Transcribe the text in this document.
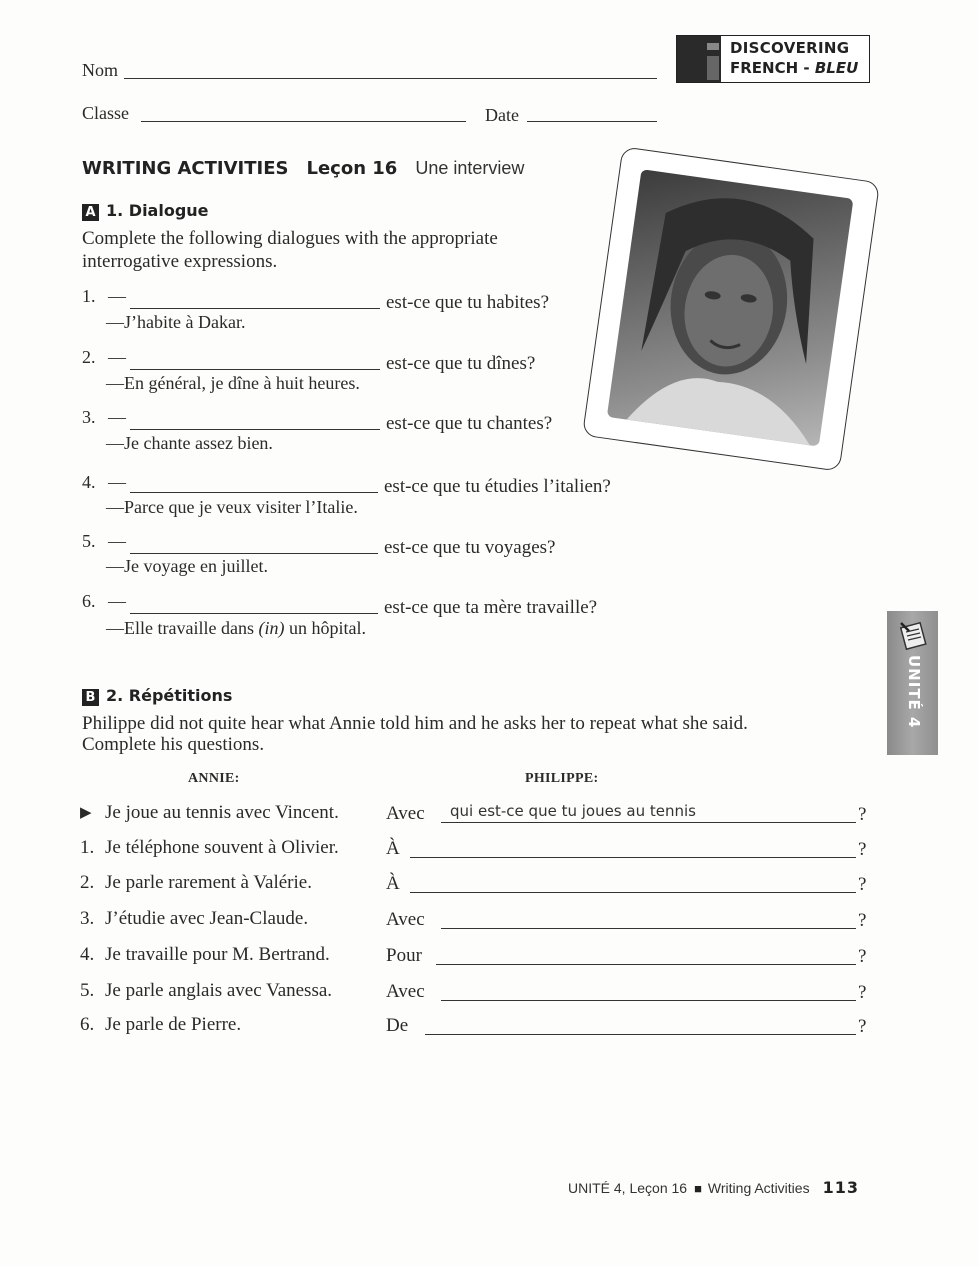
Nom
Classe	Date
DISCOVERING
FRENCH - BLEU
WRITING ACTIVITIES Leçon 16 Une interview
A 1. Dialogue
Complete the following dialogues with the appropriate interrogative expressions.
1. —	est-ce que tu habites?
—J’habite à Dakar.
2. —	est-ce que tu dînes?
—En général, je dîne à huit heures.
3. —	est-ce que tu chantes?
—Je chante assez bien.
4. —	est-ce que tu étudies l’italien?
—Parce que je veux visiter l’Italie.
5. —	est-ce que tu voyages?
—Je voyage en juillet.
6. —	est-ce que ta mère travaille?
—Elle travaille dans (in) un hôpital.
UNITÉ 4
B 2. Répétitions
Philippe did not quite hear what Annie told him and he asks her to repeat what she said. Complete his questions.
ANNIE:	PHILIPPE:
▶ Je joue au tennis avec Vincent. Avec qui est-ce que tu joues au tennis	?
1. Je téléphone souvent à Olivier. À	?
2. Je parle rarement à Valérie.	À	?
3. J’étudie avec Jean-Claude.	Avec	?
4. Je travaille pour M. Bertrand.	Pour	?
5. Je parle anglais avec Vanessa.	Avec	?
6. Je parle de Pierre.	De	?
UNITÉ 4, Leçon 16 ■ Writing Activities 113
